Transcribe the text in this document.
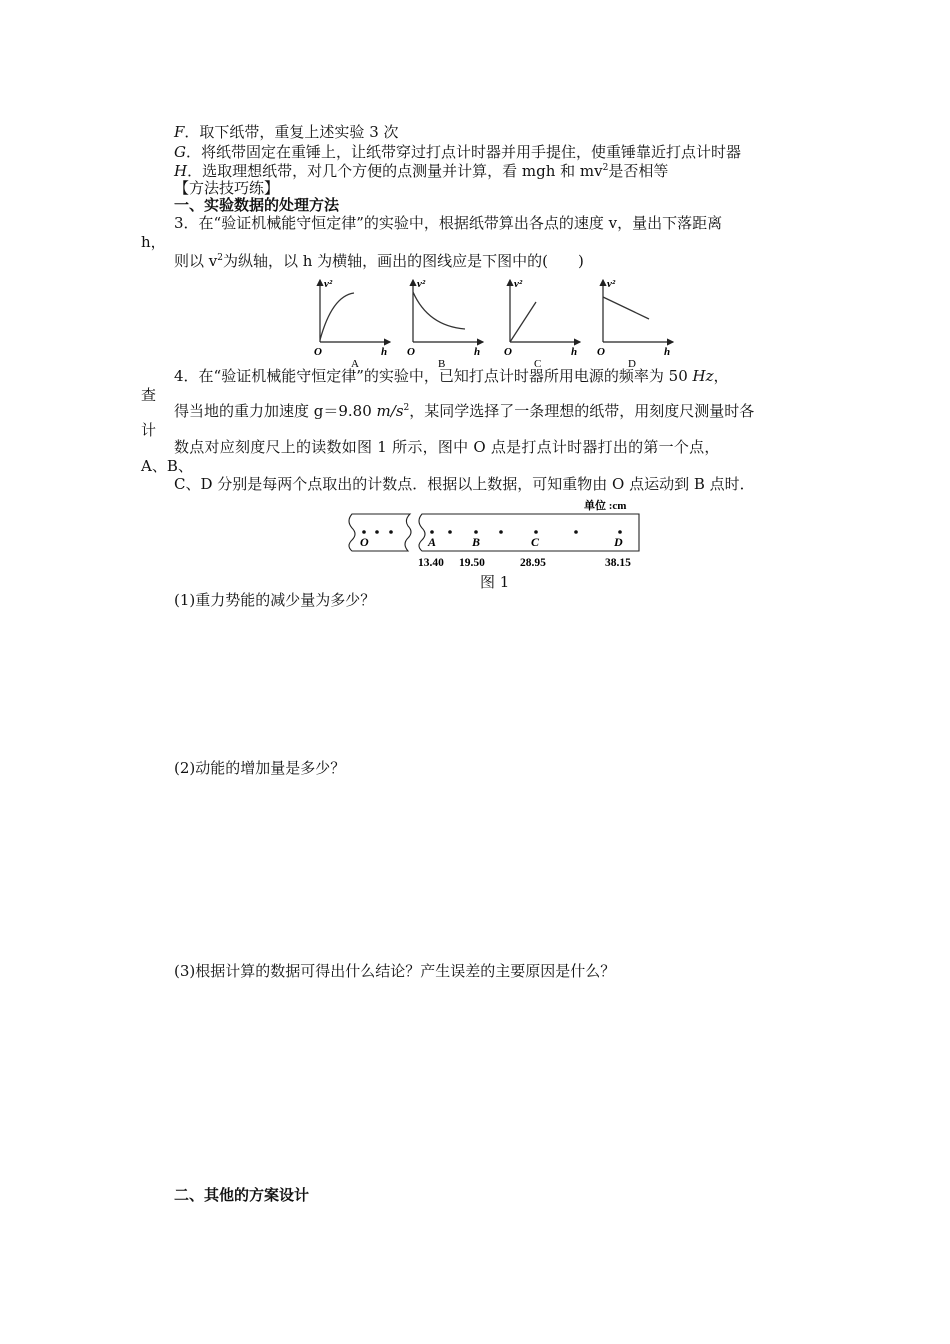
F．取下纸带，重复上述实验 3 次
G．将纸带固定在重锤上，让纸带穿过打点计时器并用手提住，使重锤靠近打点计时器
H．选取理想纸带，对几个方便的点测量并计算，看 mgh 和 $mv^2$是否相等
【方法技巧练】
一、实验数据的处理方法
3．在“验证机械能守恒定律”的实验中，根据纸带算出各点的速度 v，量出下落距离
h，
则以 $v^2$为纵轴，以 h 为横轴，画出的图线应是下图中的(　　)
v²
O	h
A
v²
O	h
B
v²
O	h
C
v²
O	h
D
4．在“验证机械能守恒定律”的实验中，已知打点计时器所用电源的频率为 50 Hz，
查
得当地的重力加速度 g＝9.80 $m/s^2$，某同学选择了一条理想的纸带，用刻度尺测量时各
计
数点对应刻度尺上的读数如图 1 所示，图中 O 点是打点计时器打出的第一个点，
A、B、
C、D 分别是每两个点取出的计数点．根据以上数据，可知重物由 O 点运动到 B 点时．
单位 :cm
O	A	B	C	D
13.40 19.50	28.95	38.15
图 1
(1)重力势能的减少量为多少？
(2)动能的增加量是多少？
(3)根据计算的数据可得出什么结论？产生误差的主要原因是什么？
二、其他的方案设计
